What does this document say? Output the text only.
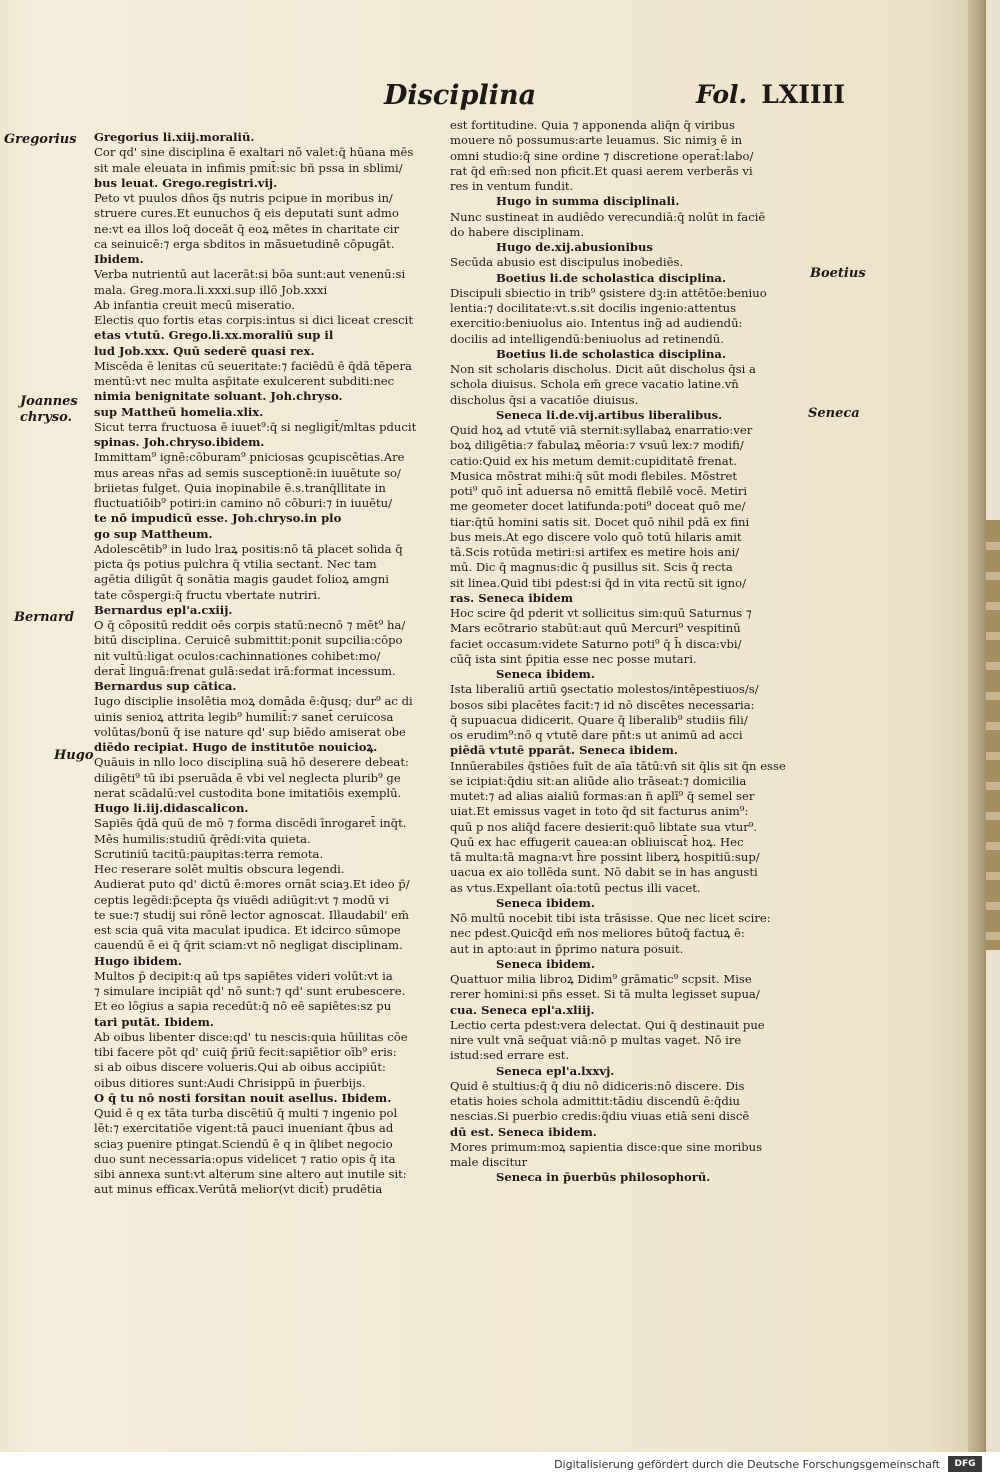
Disciplina	Fol. LXIIII
Gregorius
Joannes
chryso.
Bernard
Hugo
Boetius
Seneca
Gregorius li.xiij.moraliū.
Cor qd' sine disciplina ē exaltari nō valet:q̄ hūana mēs
sit male eleuata in infimis pmit̄:sic bñ pssa in sblimi/
bus leuat. Grego.registri.vij.
Peto vt puulos dn̄os q̄s nutris pcipue in moribus in/
struere cures.Et eunuchos q̄ eis deputati sunt admo
ne:vt ea illos loq̄ doceāt q̄ eoꝝ mētes in charitate cir
ca seinuicē:⁊ erga sbditos in mā̄suetudinē cōpugāt.
Ibidem.
Verba nutrientū aut lacerāt:si bōa sunt:aut venenū:si
mala. Greg.mora.li.xxxi.sup illō Job.xxxi
Ab infantia creuit mecū miseratio.
Electis quo fortis etas corpis:intus si dici liceat crescit
etas ⱱtutū. Grego.li.xx.moraliū sup il
lud Job.xxx. Quū sederē quasi rex.
Miscēda ē lenitas cū seueritate:⁊ faciēdū ē q̄dā tēpera
mentū:vt nec multa asp̄itate exulcerent subditi:nec
nimia benignitate soluant. Joh.chryso.
sup Mattheū homelia.xlix.
Sicut terra fructuosa ē iuuet⁹:q̄ si negligit̄/mltas pducit
spinas. Joh.chryso.ibidem.
Immittam⁹ ignē:cōburam⁹ pniciosas ꝯcupiscētias.Are
mus areas nr̄as ad semis susceptionē:in iuuētute so/
briietas fulget. Quia inopinabile ē.s.tranq̄llitate in
fluctuatiōib⁹ potiri:in camino nō cōburi:⁊ in iuuētu/
te nō impudicū esse. Joh.chryso.in plo
go sup Mattheum.
Adolescētib⁹ in ludo lraꝝ positis:nō tā placet solida q̄
picta q̄s potius pulchra q̄ vtilia sectant̄. Nec tam
agētia diligūt q̄ sonātia magis gaudet folioꝝ amgni
tate cōspergi:q̄ fructu vbertate nutriri.
Bernardus epl'a.cxiij.
O q̄ cōpositū reddit oēs corpis statū:necnō ⁊ mēt⁹ ha/
bitū disciplina. Ceruicē submittit:ponit supcilia:cōpo
nit vultū:ligat oculos:cachinnationes cohibet:mo/
derat̄ linguā:frenat gulā:sedat irā:format incessum.
Bernardus sup cātica.
Iugo disciplie insolētia moꝝ domāda ē:q̄usq; dur⁹ ac di
uinis senioꝝ attrita legib⁹ humilit̄:⁊ sanet̄ ceruicosa
volūtas/bonū q̄ ise nature qd' sup biēdo amiserat obe
diēdo recipiat. Hugo de institutōe nouicioꝝ.
Quāuis in nllo loco disciplina suā hō deserere debeat:
diligēti⁹ tū ibi pseruāda ē vbi vel neglecta plurib⁹ ge
nerat scādalū:vel custodita bone imitatiōis exemplū.
Hugo li.iij.didascalicon.
Sapiēs q̄dā quū de mō ⁊ forma discēdi īnrogaret̄ inq̄t.
Mēs humilis:studiū q̄rēdi:vita quieta.
Scrutiniū tacitū:paupitas:terra remota.
Hec reserare solēt multis obscura legendi.
Audierat puto qd' dictū ē:mores ornāt sciaȝ.Et ideo p̄/
ceptis legēdi:p̄cepta q̄s viuēdi adiūgit:vt ⁊ modū vi
te sue:⁊ studij sui rōnē lector agnoscat. Illaudabil' em̄
est scia quā vita maculat ipudica. Et idcirco sūmope
cauendū ē ei q̄ q̄rit sciam:vt nō negligat disciplinam.
Hugo ibidem.
Multos p̄ decipit:q aū tps sapiētes videri volūt:vt ia
⁊ simulare incipiāt qd' nō sunt:⁊ qd' sunt erubescere.
Et eo lōgius a sapia recedūt:q̄ nō eē sapiētes:sz pu
tari putāt. Ibidem.
Ab oibus libenter disce:qd' tu nescis:quia hūilitas cōe
tibi facere pōt qd' cuiq̄ p̄riū fecit:sapiētior oīb⁹ eris:
si ab oibus discere volueris.Qui ab oibus accipiūt:
oibus ditiores sunt:Audi Chrisippū in p̄uerbijs.
O q̄ tu nō nosti forsitan nouit asellus. Ibidem.
Quid ē q ex tāta turba discētiū q̄ multi ⁊ ingenio pol
lēt:⁊ exercitatiōe vigent:tā pauci inueniant q̄bus ad
sciaȝ puenire ptingat.Sciendū ē q in q̄libet negocio
duo sunt necessaria:opus videlicet ⁊ ratio opis q̄ ita
sibi annexa sunt:vt alterum sine altero aut inutile sit:
aut minus efficax.Verūtā melior(vt dicit̄) prudētia
est fortitudine. Quia ⁊ apponenda aliq̄n q̄ viribus
mouere nō possumus:arte leuamus. Sic nimiȝ ē in
omni studio:q̄ sine ordine ⁊ discretione operat̄:labo/
rat q̄d em̄:sed non pficit.Et quasi aerem verberās vi
res in ventum fundit.
Hugo in summa disciplinali.
Nunc sustineat in audiēdo verecundiā:q̄ nolūt in faciē
do habere disciplinam.
Hugo de.xij.abusionibus
Secūda abusio est discipulus inobediēs.
Boetius li.de scholastica disciplina.
Discipuli sbiectio in trib⁹ ꝯsistere dꝫ:in attētōe:beniuo
lentia:⁊ docilitate:vt.s.sit docilis ingenio:attentus
exercitio:beniuolus aio. Intentus ing̃ ad audiendū:
docilis ad intelligendū:beniuolus ad retinendū.
Boetius li.de scholastica disciplina.
Non sit scholaris discholus. Dicit aūt discholus q̄si a
schola diuisus. Schola em̄ grece vacatio latine.vn̄
discholus q̄si a vacatiōe diuisus.
Seneca li.de.vij.artibus liberalibus.
Quid hoꝝ ad ⱱtutē viā sternit:syllabaꝝ enarratio:ver
boꝝ diligētia:⁊ fabulaꝝ mēoria:⁊ ⱱsuū lex:⁊ modifi/
catio:Quid ex his metum demit:cupiditatē frenat.
Musica mōstrat mihi:q̄ sūt modi flebiles. Mōstret
poti⁹ quō int̄ aduersa nō emittā flebilē vocē. Metiri
me geometer docet latifunda:poti⁹ doceat quō me/
tiar:q̄tū homini satis sit. Docet quō nihil pdā ex fini
bus meis.At ego discere volo quō totū hilaris amit
tā.Scis rotūda metiri:si artifex es metire hois ani/
mū. Dic q̄ magnus:dic q̄ pusillus sit. Scis q̄ recta
sit linea.Quid tibi pdest:si q̄d in vita rectū sit igno/
ras. Seneca ibidem
Hoc scire q̄d pderit vt sollicitus sim:quū Saturnus ⁊
Mars ecōtrario stabūt:aut quū Mercuri⁹ vespitinū
faciet occasum:videte Saturno poti⁹ q̄ h̄ disca:vbi/
cūq̄ ista sint p̄pitia esse nec posse mutari.
Seneca ibidem.
Ista liberaliū artiū ꝯsectatio molestos/intēpestiuos/s/
bosos sibi placētes facit:⁊ id nō discētes necessaria:
q̄ supuacua didicerit. Quare q̄ liberalib⁹ studiis fili/
os erudim⁹:nō q ⱱtutē dare pn̄t:s ut animū ad acci
piēdā ⱱtutē pparāt. Seneca ibidem.
Innūerabiles q̄stiōes fuīt de aīa tātū:vn̄ sit q̄lis sit q̄n esse
se icipiat:q̄diu sit:an aliūde alio trāseat:⁊ domicilia
mutet:⁊ ad alias aialiū formas:an n̄ aplī⁹ q̄ semel ser
uiat.Et emissus vaget in toto q̄d sit facturus anim⁹:
quū p nos aliq̄d facere desierit:quō libtate sua vtur⁹.
Quū ex hac effugerit cauea:an obliuiscat̄ hoꝝ. Hec
tā multa:tā magna:vt h̄re possint liberꝝ hospitiū:sup/
uacua ex aio tollēda sunt. Nō dabit se in has angusti
as ⱱtus.Expellant oīa:totū pectus illi vacet.
Seneca ibidem.
Nō multū nocebit tibi ista trāsisse. Que nec licet scire:
nec pdest.Quicq̄d em̄ nos meliores būtoq̄ factuꝝ ē:
aut in apto:aut in p̄primo natura posuit.
Seneca ibidem.
Quattuor milia libroꝝ Didim⁹ grāmatic⁹ scpsit. Mise
rerer homini:si pn̄s esset. Si tā multa legisset supua/
cua. Seneca epl'a.xliij.
Lectio certa pdest:vera delectat. Qui q̄ destinauit pue
nire vult vnā seq̄uat viā:nō p multas vaget. Nō ire
istud:sed errare est.
Seneca epl'a.lxxvj.
Quid ē stultius:q̄ q̄ diu nō didiceris:nō discere. Dis
etatis hoies schola admittit:tādiu discendū ē:q̄diu
nescias.Si puerbio credis:q̄diu viuas etiā seni discē
dū est. Seneca ibidem.
Mores primum:moꝝ sapientia disce:que sine moribus
male discitur
Seneca in p̄uerbūs philosophorū.
Digitalisierung gefördert durch die Deutsche Forschungsgemeinschaft	DFG
